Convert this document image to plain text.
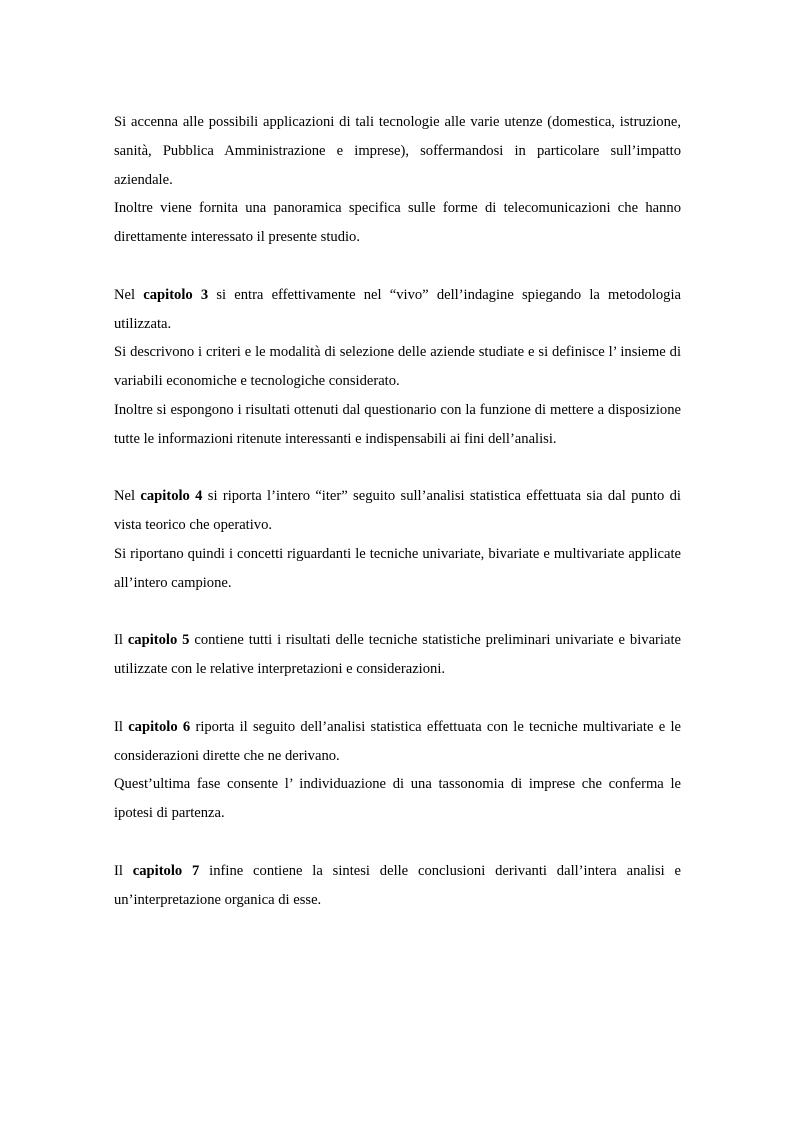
Si accenna alle possibili applicazioni di tali tecnologie alle varie utenze (domestica, istruzione, sanità, Pubblica Amministrazione e imprese), soffermandosi in particolare sull’impatto aziendale.

Inoltre viene fornita una panoramica specifica sulle forme di telecomunicazioni che hanno direttamente interessato il presente studio.

Nel capitolo 3 si entra effettivamente nel “vivo” dell’indagine spiegando la metodologia utilizzata.

Si descrivono i criteri e le modalità di selezione delle aziende studiate e si definisce l’ insieme di variabili economiche e tecnologiche considerato.

Inoltre si espongono i risultati ottenuti dal questionario con la funzione di mettere a disposizione tutte le informazioni ritenute interessanti e indispensabili ai fini dell’analisi.

Nel capitolo 4 si riporta l’intero “iter” seguito sull’analisi statistica effettuata sia dal punto di vista teorico che operativo.

Si riportano quindi i concetti riguardanti le tecniche univariate, bivariate e multivariate applicate all’intero campione.

Il capitolo 5 contiene tutti i risultati delle tecniche statistiche preliminari univariate e bivariate utilizzate con le relative interpretazioni e considerazioni.

Il capitolo 6 riporta il seguito dell’analisi statistica effettuata con le tecniche multivariate e le considerazioni dirette che ne derivano.

Quest’ultima fase consente l’ individuazione di una tassonomia di imprese che conferma le ipotesi di partenza.

Il capitolo 7 infine contiene la sintesi delle conclusioni derivanti dall’intera analisi e un’interpretazione organica di esse.
